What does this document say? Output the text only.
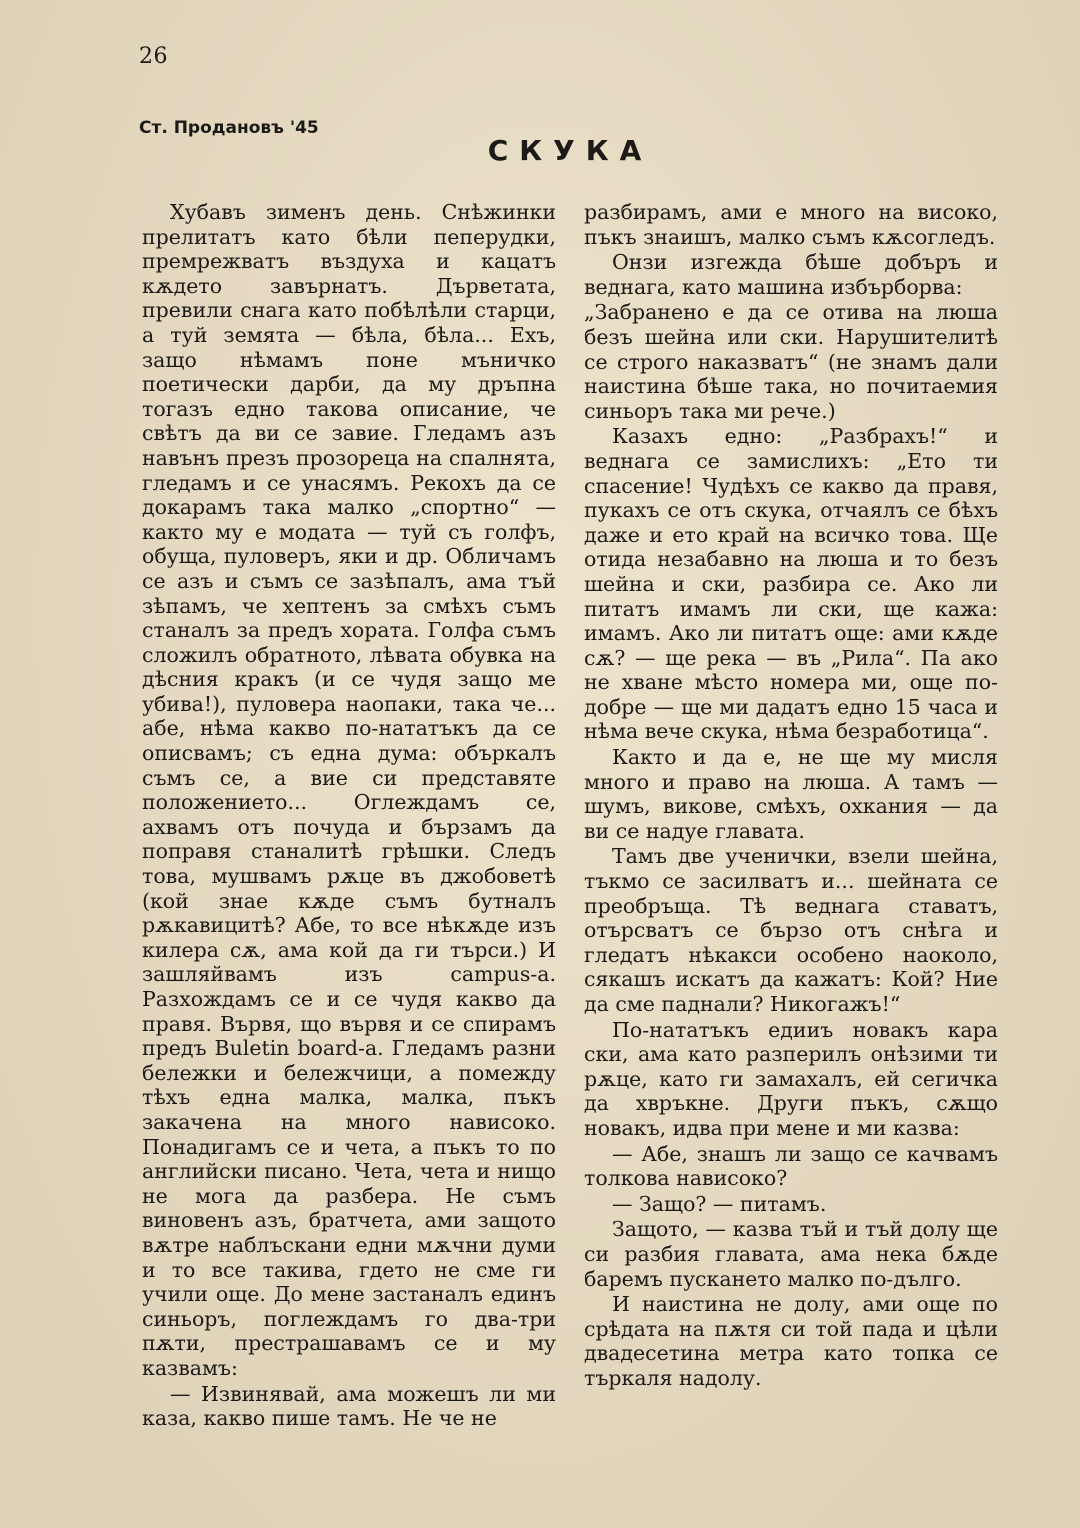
26
Ст. Продановъ '45
СКУКА

Хубавъ зименъ день. Снѣжинки прелитатъ като бѣли пеперудки, премрежватъ въздуха и кацатъ кѫдето завърнатъ. Дърветата, превили снага като побѣлѣли старци, а туй земята — бѣла, бѣла... Ехъ, защо нѣмамъ поне мъничко поетически дарби, да му дръпна тогазъ едно такова описание, че свѣтъ да ви се завие. Гледамъ азъ навънъ презъ прозореца на спалнята, гледамъ и се унасямъ. Рекохъ да се докарамъ така малко „спортно“ — както му е модата — туй съ голфъ, обуща, пуловеръ, яки и др. Обличамъ се азъ и съмъ се зазѣпалъ, ама тъй зѣпамъ, че хептенъ за смѣхъ съмъ станалъ за предъ хората. Голфа съмъ сложилъ обратното, лѣвата обувка на дѣсния кракъ (и се чудя защо ме убива!), пуловера наопаки, така че... абе, нѣма какво по-нататъкъ да се описвамъ; съ една дума: объркалъ съмъ се, а вие си представяте положението... Оглеждамъ се, ахвамъ отъ почуда и бързамъ да поправя станалитѣ грѣшки. Следъ това, мушвамъ рѫце въ джобоветѣ (кой знае кѫде съмъ бутналъ рѫкавицитѣ? Абе, то все нѣкѫде изъ килера сѫ, ама кой да ги търси.) И зашляйвамъ изъ campus-а. Разхождамъ се и се чудя какво да правя. Вървя, що вървя и се спирамъ предъ Buletin board-а. Гледамъ разни бележки и бележчици, а помежду тѣхъ една малка, малка, пъкъ закачена на много нависоко. Понадигамъ се и чета, а пъкъ то по английски писано. Чета, чета и нищо не мога да разбера. Не съмъ виновенъ азъ, братчета, ами защото вѫтре наблъскани едни мѫчни думи и то все такива, гдето не сме ги учили още. До мене застаналъ единъ синьоръ, поглеждамъ го два-три пѫти, престрашавамъ се и му казвамъ:

— Извинявай, ама можешъ ли ми каза, какво пише тамъ. Не че не

разбирамъ, ами е много на високо, пъкъ знаишъ, малко съмъ кѫсогледъ.

Онзи изгежда бѣше добъръ и веднага, като машина избърборва:

„Забранено е да се отива на люша безъ шейна или ски. Нарушителитѣ се строго наказватъ“ (не знамъ дали наистина бѣше така, но почитаемия синьоръ така ми рече.)

Казахъ едно: „Разбрахъ!“ и веднага се замислихъ: „Ето ти спасение! Чудѣхъ се какво да правя, пукахъ се отъ скука, отчаялъ се бѣхъ даже и ето край на всичко това. Ще отида незабавно на люша и то безъ шейна и ски, разбира се. Ако ли питатъ имамъ ли ски, ще кажа: имамъ. Ако ли питатъ още: ами кѫде сѫ? — ще река — въ „Рила“. Па ако не хване мѣсто номера ми, още по-добре — ще ми дадатъ едно 15 часа и нѣма вече скука, нѣма безработица“.

Както и да е, не ще му мисля много и право на люша. А тамъ — шумъ, викове, смѣхъ, охкания — да ви се надуе главата.

Тамъ две ученички, взели шейна, тъкмо се засилватъ и... шейната се преобръща. Тѣ веднага ставатъ, отърсватъ се бързо отъ снѣга и гледатъ нѣкакси особено наоколо, сякашъ искатъ да кажатъ: Кой? Ние да сме паднали? Никогажъ!“

По-нататъкъ едииъ новакъ кара ски, ама като разперилъ онѣзими ти рѫце, като ги замахалъ, ей сегичка да хвръкне. Други пъкъ, сѫщо новакъ, идва при мене и ми казва:

— Абе, знашъ ли защо се качвамъ толкова нависоко?

— Защо? — питамъ.

Защото, — казва тъй и тъй долу ще си разбия главата, ама нека бѫде баремъ пускането малко по-дълго.

И наистина не долу, ами още по срѣдата на пѫтя си той пада и цѣли двадесетина метра като топка се търкаля надолу.
